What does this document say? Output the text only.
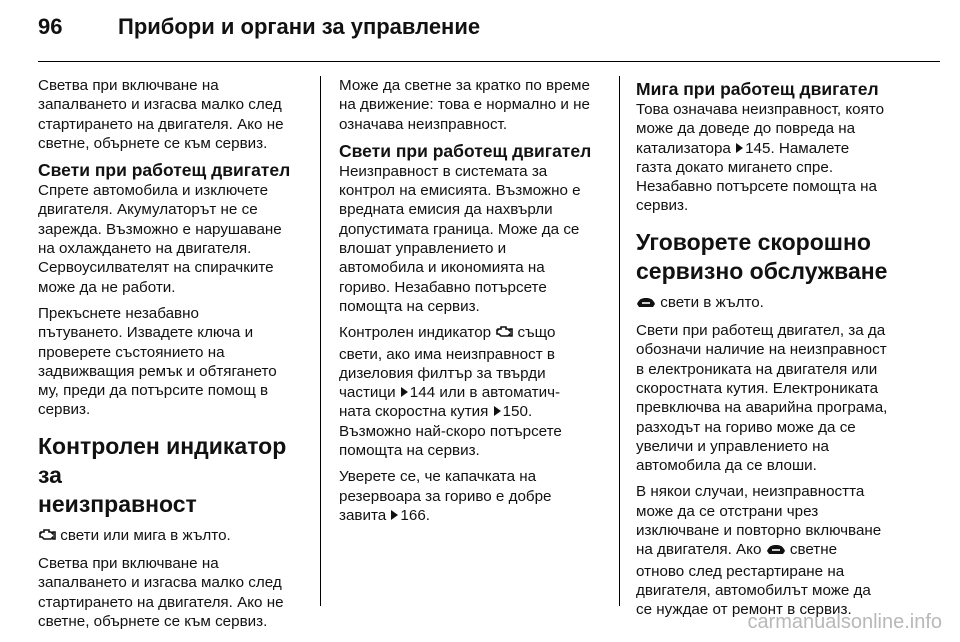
96	Прибори и органи за управление

Светва при включване на
запалването и изгасва малко след
стартирането на двигателя. Ако не
светне, обърнете се към сервиз.

Свети при работещ двигател

Спрете автомобила и изключете
двигателя. Акумулаторът не се
зарежда. Възможно е нарушаване
на охлаждането на двигателя.
Сервоусилвателят на спирачките
може да не работи.

Прекъснете незабавно
пътуването. Извадете ключа и
проверете състоянието на
задвижващия ремък и обтягането
му, преди да потърсите помощ в
сервиз.

Контролен индикатор за
неизправност

свети или мига в жълто.

Светва при включване на
запалването и изгасва малко след
стартирането на двигателя. Ако не
светне, обърнете се към сервиз.

Може да светне за кратко по време
на движение: това е нормално и не
означава неизправност.

Свети при работещ двигател

Неизправност в системата за
контрол на емисията. Възможно е
вредната емисия да нахвърли
допустимата граница. Може да се
влошат управлението и
автомобила и икономията на
гориво. Незабавно потърсете
помощта на сервиз.

Контролен индикатор  също
свети, ако има неизправност в
дизеловия филтър за твърди
частици 144 или в автоматич-
ната скоростна кутия 150.
Възможно най-скоро потърсете
помощта на сервиз.

Уверете се, че капачката на
резервоара за гориво е добре
завита 166.

Мига при работещ двигател

Това означава неизправност, която
може да доведе до повреда на
катализатора 145. Намалете
газта докато мигането спре.
Незабавно потърсете помощта на
сервиз.

Уговорете скорошно
сервизно обслужване

свети в жълто.

Свети при работещ двигател, за да
обозначи наличие на неизправност
в електрониката на двигателя или
скоростната кутия. Електрониката
превключва на аварийна програма,
разходът на гориво може да се
увеличи и управлението на
автомобила да се влоши.

В някои случаи, неизправността
може да се отстрани чрез
изключване и повторно включване
на двигателя. Ако  светне
отново след рестартиране на
двигателя, автомобилът може да
се нуждае от ремонт в сервиз.

carmanualsonline.info
